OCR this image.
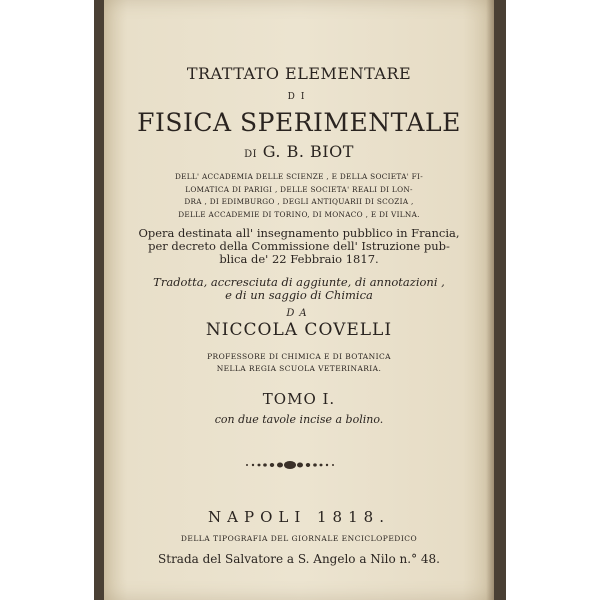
TRATTATO ELEMENTARE
DI
FISICA SPERIMENTALE
DI G. B. BIOT
DELL' ACCADEMIA DELLE SCIENZE , E DELLA SOCIETA' FI-
LOMATICA DI PARIGI , DELLE SOCIETA' REALI DI LON-
DRA , DI EDIMBURGO , DEGLI ANTIQUARII DI SCOZIA ,
DELLE ACCADEMIE DI TORINO, DI MONACO , E DI VILNA.
Opera destinata all' insegnamento pubblico in Francia,
per decreto della Commissione dell' Istruzione pub-
blica de' 22 Febbraio 1817.
Tradotta, accresciuta di aggiunte, di annotazioni ,
e di un saggio di Chimica
DA
NICCOLA COVELLI
PROFESSORE DI CHIMICA E DI BOTANICA
NELLA REGIA SCUOLA VETERINARIA.
TOMO I.
con due tavole incise a bolino.
NAPOLI 1818.
DELLA TIPOGRAFIA DEL GIORNALE ENCICLOPEDICO
Strada del Salvatore a S. Angelo a Nilo n.° 48.
